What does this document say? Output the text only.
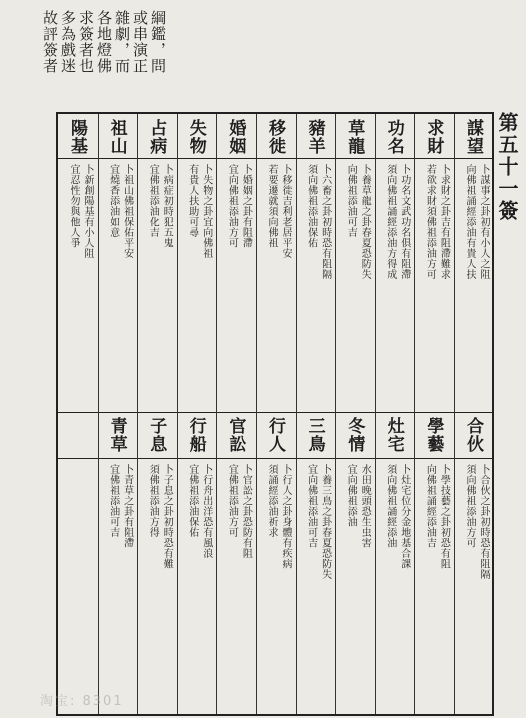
綱鑑，問
或串演正
雜劇，而
各地燈佛
求簽者也
多為戲迷
故評簽者
第五十一簽
謀望
卜謀事之卦初有小人之阻
向佛祖誦經添油有貴人扶
求財
卜求財之卦吉有阻滯難求
若欲求財須佛祖添油方可
功名
卜功名文武功名俱有阻滯
須向佛祖誦經添油方得成
草龍
卜養草龍之卦春夏恐防失
向佛祖添油可吉
豬羊
卜六畜之卦初時恐有阻隔
須向佛祖添油保佑
移徙
卜移徙吉利老居平安
若要遷就須向佛祖
婚姻
卜婚姻之卦有阻滯
宜向佛祖添油方可
失物
卜失物之卦宜向佛祖
有貴人扶助可尋
占病
卜病症初時犯五鬼
宜佛祖添油化吉
祖山
卜祖山佛祖保佑平安
宜燒香添油如意
陽基
卜新創陽基有小人阻
宜忍性勿與他人爭
合伙
卜合伙之卦初時恐有阻隔
須向佛祖添油方可
學藝
卜學技藝之卦初恐有阻
向佛祖誦經添油吉
灶宅
卜灶宅位分金地基合課
須向佛祖誦經添油
冬情
水田晚頭恐生虫害
宜向佛祖添油
三鳥
卜養三鳥之卦春夏恐防失
宜向佛祖添油可吉
行人
卜行人之卦身體有疾病
須誦經添油祈求
官訟
卜官訟之卦恐防有阻
宜佛祖添油方可
行船
卜行舟出洋恐有風浪
宜佛祖添油保佑
子息
卜子息之卦初時恐有難
須佛祖添油方得
青草
卜青草之卦有阻滯
宜佛祖添油可吉
淘宝: 8301
